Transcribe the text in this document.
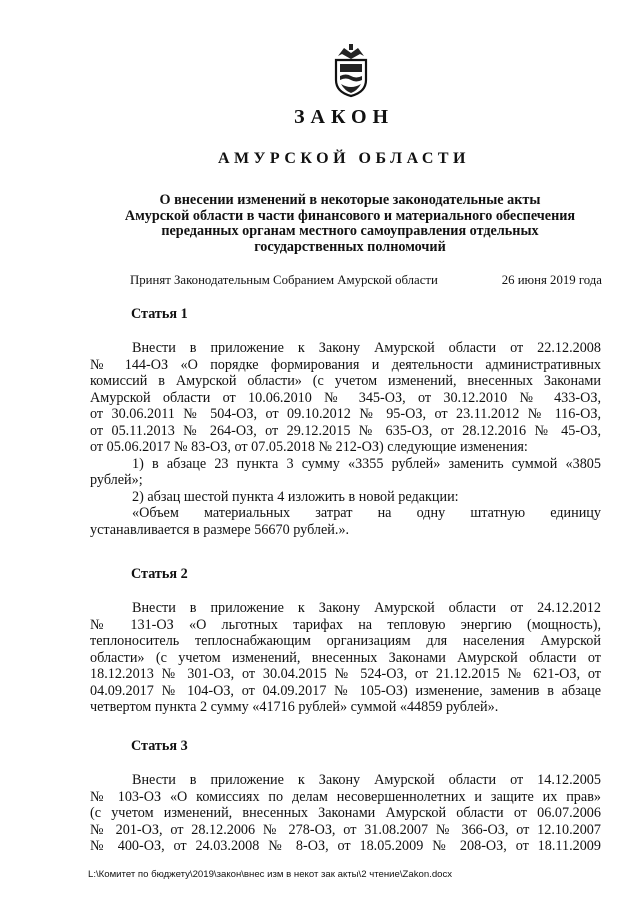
ЗАКОН
АМУРСКОЙ ОБЛАСТИ
О внесении изменений в некоторые законодательные акты
Амурской области в части финансового и материального обеспечения
переданных органам местного самоуправления отдельных
государственных полномочий
Принят Законодательным Собранием Амурской области	26 июня 2019 года
Статья 1
Внести в приложение к Закону Амурской области от 22.12.2008
№ 144-ОЗ «О порядке формирования и деятельности административных
комиссий в Амурской области» (с учетом изменений, внесенных Законами
Амурской области от 10.06.2010 № 345-ОЗ, от 30.12.2010 № 433-ОЗ,
от 30.06.2011 № 504-ОЗ, от 09.10.2012 № 95-ОЗ, от 23.11.2012 № 116-ОЗ,
от 05.11.2013 № 264-ОЗ, от 29.12.2015 № 635-ОЗ, от 28.12.2016 № 45-ОЗ,
от 05.06.2017 № 83-ОЗ, от 07.05.2018 № 212-ОЗ) следующие изменения:
1) в абзаце 23 пункта 3 сумму «3355 рублей» заменить суммой «3805
рублей»;
2) абзац шестой пункта 4 изложить в новой редакции:
«Объем материальных затрат на одну штатную единицу
устанавливается в размере 56670 рублей.».
Статья 2
Внести в приложение к Закону Амурской области от 24.12.2012
№ 131-ОЗ «О льготных тарифах на тепловую энергию (мощность),
теплоноситель теплоснабжающим организациям для населения Амурской
области» (с учетом изменений, внесенных Законами Амурской области от
18.12.2013 № 301-ОЗ, от 30.04.2015 № 524-ОЗ, от 21.12.2015 № 621-ОЗ, от
04.09.2017 № 104-ОЗ, от 04.09.2017 № 105-ОЗ) изменение, заменив в абзаце
четвертом пункта 2 сумму «41716 рублей» суммой «44859 рублей».
Статья 3
Внести в приложение к Закону Амурской области от 14.12.2005
№ 103-ОЗ «О комиссиях по делам несовершеннолетних и защите их прав»
(с учетом изменений, внесенных Законами Амурской области от 06.07.2006
№ 201-ОЗ, от 28.12.2006 № 278-ОЗ, от 31.08.2007 № 366-ОЗ, от 12.10.2007
№ 400-ОЗ, от 24.03.2008 № 8-ОЗ, от 18.05.2009 № 208-ОЗ, от 18.11.2009
L:\Комитет по бюджету\2019\закон\внес изм в некот зак акты\2 чтение\Zakon.docx
